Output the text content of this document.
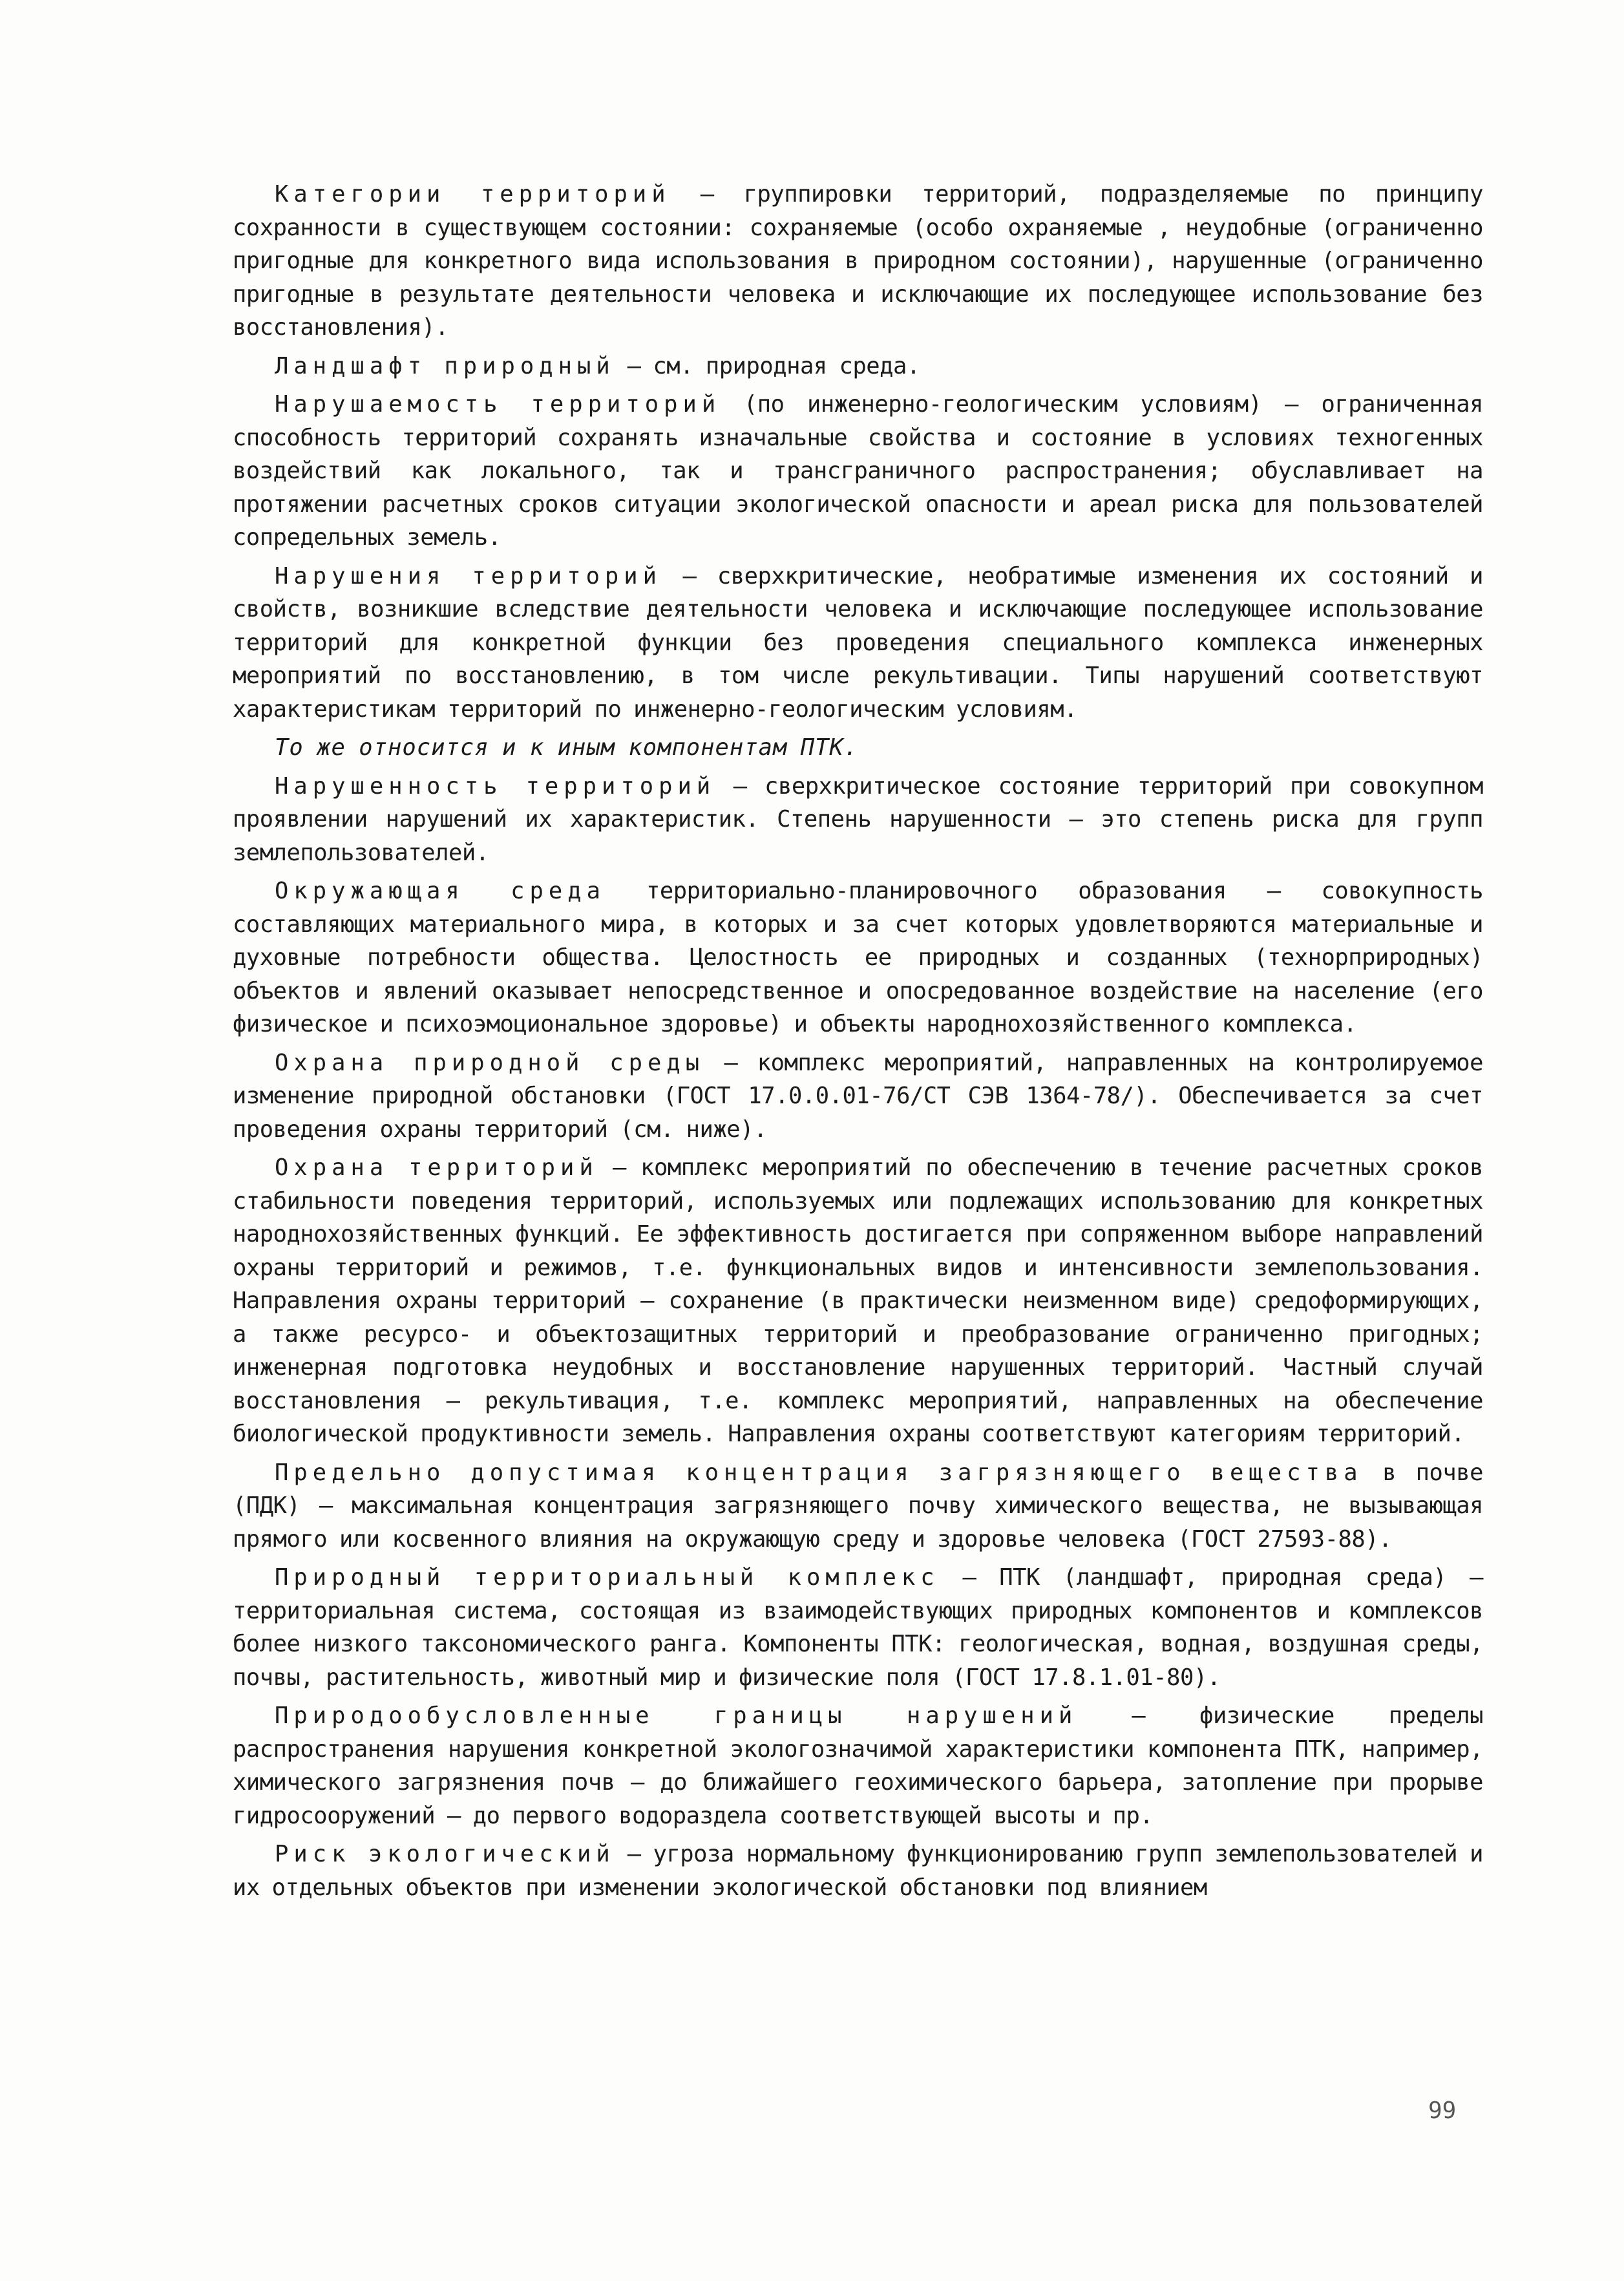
Категории территорий – группировки территорий, подразделяемые по принципу сохранности в существующем состоянии: сохраняемые (особо охраняемые , неудобные (ограниченно пригодные для конкретного вида использования в природном состоянии), нарушенные (ограниченно пригодные в результате деятельности человека и исключающие их последующее использование без восстановления).

Ландшафт природный – см. природная среда.

Нарушаемость территорий (по инженерно-геологическим условиям) – ограниченная способность территорий сохранять изначальные свойства и состояние в условиях техногенных воздействий как локального, так и трансграничного распространения; обуславливает на протяжении расчетных сроков ситуации экологической опасности и ареал риска для пользователей сопредельных земель.

Нарушения территорий – сверхкритические, необратимые изменения их состояний и свойств, возникшие вследствие деятельности человека и исключающие последующее использование территорий для конкретной функции без проведения специального комплекса инженерных мероприятий по восстановлению, в том числе рекультивации. Типы нарушений соответствуют характеристикам территорий по инженерно-геологическим условиям.

То же относится и к иным компонентам ПТК.

Нарушенность территорий – сверхкритическое состояние территорий при совокупном проявлении нарушений их характеристик. Степень нарушенности – это степень риска для групп землепользователей.

Окружающая среда территориально-планировочного образования – совокупность составляющих материального мира, в которых и за счет которых удовлетворяются материальные и духовные потребности общества. Целостность ее природных и созданных (технорприродных) объектов и явлений оказывает непосредственное и опосредованное воздействие на население (его физическое и психоэмоциональное здоровье) и объекты народнохозяйственного комплекса.

Охрана природной среды – комплекс мероприятий, направленных на контролируемое изменение природной обстановки (ГОСТ 17.0.0.01-76/СТ СЭВ 1364-78/). Обеспечивается за счет проведения охраны территорий (см. ниже).

Охрана территорий – комплекс мероприятий по обеспечению в течение расчетных сроков стабильности поведения территорий, используемых или подлежащих использованию для конкретных народнохозяйственных функций. Ее эффективность достигается при сопряженном выборе направлений охраны территорий и режимов, т.е. функциональных видов и интенсивности землепользования. Направления охраны территорий – сохранение (в практически неизменном виде) средоформирующих, а также ресурсо- и объектозащитных территорий и преобразование ограниченно пригодных; инженерная подготовка неудобных и восстановление нарушенных территорий. Частный случай восстановления – рекультивация, т.е. комплекс мероприятий, направленных на обеспечение биологической продуктивности земель. Направления охраны соответствуют категориям территорий.

Предельно допустимая концентрация загрязняющего вещества в почве (ПДК) – максимальная концентрация загрязняющего почву химического вещества, не вызывающая прямого или косвенного влияния на окружающую среду и здоровье человека (ГОСТ 27593-88).

Природный территориальный комплекс – ПТК (ландшафт, природная среда) – территориальная система, состоящая из взаимодействующих природных компонентов и комплексов более низкого таксономического ранга. Компоненты ПТК: геологическая, водная, воздушная среды, почвы, растительность, животный мир и физические поля (ГОСТ 17.8.1.01-80).

Природообусловленные границы нарушений – физические пределы распространения нарушения конкретной экологозначимой характеристики компонента ПТК, например, химического загрязнения почв – до ближайшего геохимического барьера, затопление при прорыве гидросооружений – до первого водораздела соответствующей высоты и пр.

Риск экологический – угроза нормальному функционированию групп землепользователей и их отдельных объектов при изменении экологической обстановки под влиянием

99
